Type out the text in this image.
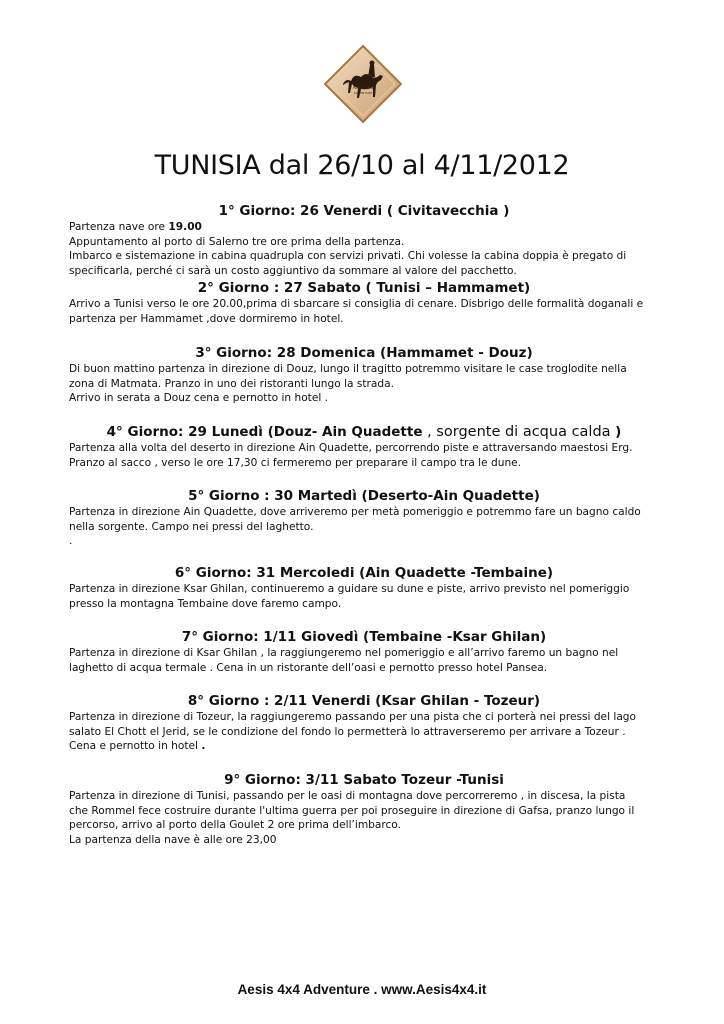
AESIS 4X4
ADVENTURE
TUNISIA dal 26/10 al 4/11/2012
1° Giorno: 26 Venerdi ( Civitavecchia )

Partenza nave ore 19.00

Appuntamento al porto di Salerno tre ore prima della partenza.

Imbarco e sistemazione in cabina quadrupla con servizi privati. Chi volesse la cabina doppia è pregato di

specificarla, perché ci sarà un costo aggiuntivo da sommare al valore del pacchetto.

2° Giorno : 27 Sabato ( Tunisi – Hammamet)

Arrivo a Tunisi verso le ore 20.00,prima di sbarcare si consiglia di cenare. Disbrigo delle formalità doganali e

partenza per Hammamet ,dove dormiremo in hotel.

3° Giorno: 28 Domenica (Hammamet - Douz)

Di buon mattino partenza in direzione di Douz, lungo il tragitto potremmo visitare le case troglodite nella

zona di Matmata. Pranzo in uno dei ristoranti lungo la strada.

Arrivo in serata a Douz cena e pernotto in hotel .

4° Giorno: 29 Lunedì (Douz- Ain Quadette , sorgente di acqua calda )

Partenza alla volta del deserto in direzione Ain Quadette, percorrendo piste e attraversando maestosi Erg.

Pranzo al sacco , verso le ore 17,30 ci fermeremo per preparare il campo tra le dune.

5° Giorno : 30 Martedì (Deserto-Ain Quadette)

Partenza in direzione Ain Quadette, dove arriveremo per metà pomeriggio e potremmo fare un bagno caldo

nella sorgente. Campo nei pressi del laghetto.

.

6° Giorno: 31 Mercoledi (Ain Quadette -Tembaine)

Partenza in direzione Ksar Ghilan, continueremo a guidare su dune e piste, arrivo previsto nel pomeriggio

presso la montagna Tembaine dove faremo campo.

7° Giorno: 1/11 Giovedì (Tembaine -Ksar Ghilan)

Partenza in direzione di Ksar Ghilan , la raggiungeremo nel pomeriggio e all’arrivo faremo un bagno nel

laghetto di acqua termale . Cena in un ristorante dell’oasi e pernotto presso hotel Pansea.

8° Giorno : 2/11 Venerdi (Ksar Ghilan - Tozeur)

Partenza in direzione di Tozeur, la raggiungeremo passando per una pista che ci porterà nei pressi del lago

salato El Chott el Jerid, se le condizione del fondo lo permetterà lo attraverseremo per arrivare a Tozeur .

Cena e pernotto in hotel .

9° Giorno: 3/11 Sabato Tozeur -Tunisi

Partenza in direzione di Tunisi, passando per le oasi di montagna dove percorreremo , in discesa, la pista

che Rommel fece costruire durante l'ultima guerra per poi proseguire in direzione di Gafsa, pranzo lungo il

percorso, arrivo al porto della Goulet 2 ore prima dell’imbarco.

La partenza della nave è alle ore 23,00

Aesis 4x4 Adventure . www.Aesis4x4.it
